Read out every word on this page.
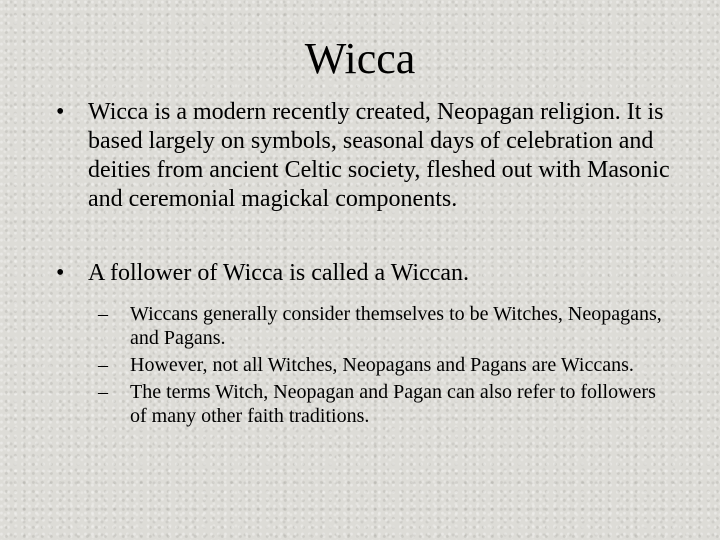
Wicca
• Wicca is a modern recently created, Neopagan religion. It is based largely on symbols, seasonal days of celebration and deities from ancient Celtic society, fleshed out with Masonic and ceremonial magickal components.
• A follower of Wicca is called a Wiccan.
– Wiccans generally consider themselves to be Witches, Neopagans, and Pagans.
– However, not all Witches, Neopagans and Pagans are Wiccans.
– The terms Witch, Neopagan and Pagan can also refer to followers of many other faith traditions.
